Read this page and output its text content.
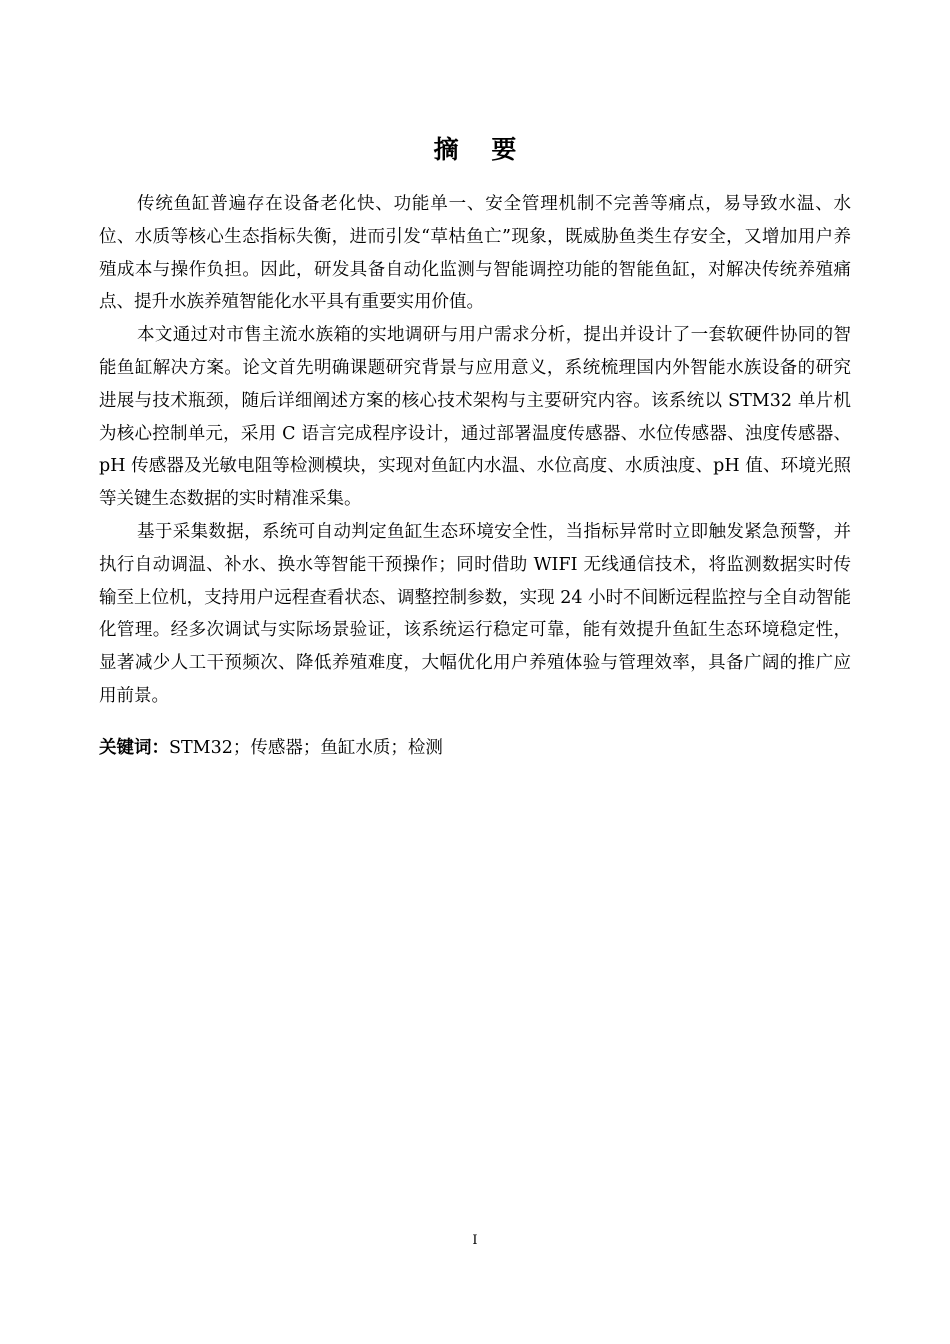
摘 要

传统鱼缸普遍存在设备老化快、功能单一、安全管理机制不完善等痛点，易导致水温、水位、水质等核心生态指标失衡，进而引发“草枯鱼亡”现象，既威胁鱼类生存安全，又增加用户养殖成本与操作负担。因此，研发具备自动化监测与智能调控功能的智能鱼缸，对解决传统养殖痛点、提升水族养殖智能化水平具有重要实用价值。

本文通过对市售主流水族箱的实地调研与用户需求分析，提出并设计了一套软硬件协同的智能鱼缸解决方案。论文首先明确课题研究背景与应用意义，系统梳理国内外智能水族设备的研究进展与技术瓶颈，随后详细阐述方案的核心技术架构与主要研究内容。该系统以 STM32 单片机为核心控制单元，采用 C 语言完成程序设计，通过部署温度传感器、水位传感器、浊度传感器、pH 传感器及光敏电阻等检测模块，实现对鱼缸内水温、水位高度、水质浊度、pH 值、环境光照等关键生态数据的实时精准采集。

基于采集数据，系统可自动判定鱼缸生态环境安全性，当指标异常时立即触发紧急预警，并执行自动调温、补水、换水等智能干预操作；同时借助 WIFI 无线通信技术，将监测数据实时传输至上位机，支持用户远程查看状态、调整控制参数，实现 24 小时不间断远程监控与全自动智能化管理。经多次调试与实际场景验证，该系统运行稳定可靠，能有效提升鱼缸生态环境稳定性，显著减少人工干预频次、降低养殖难度，大幅优化用户养殖体验与管理效率，具备广阔的推广应用前景。

关键词：STM32；传感器；鱼缸水质；检测
I
